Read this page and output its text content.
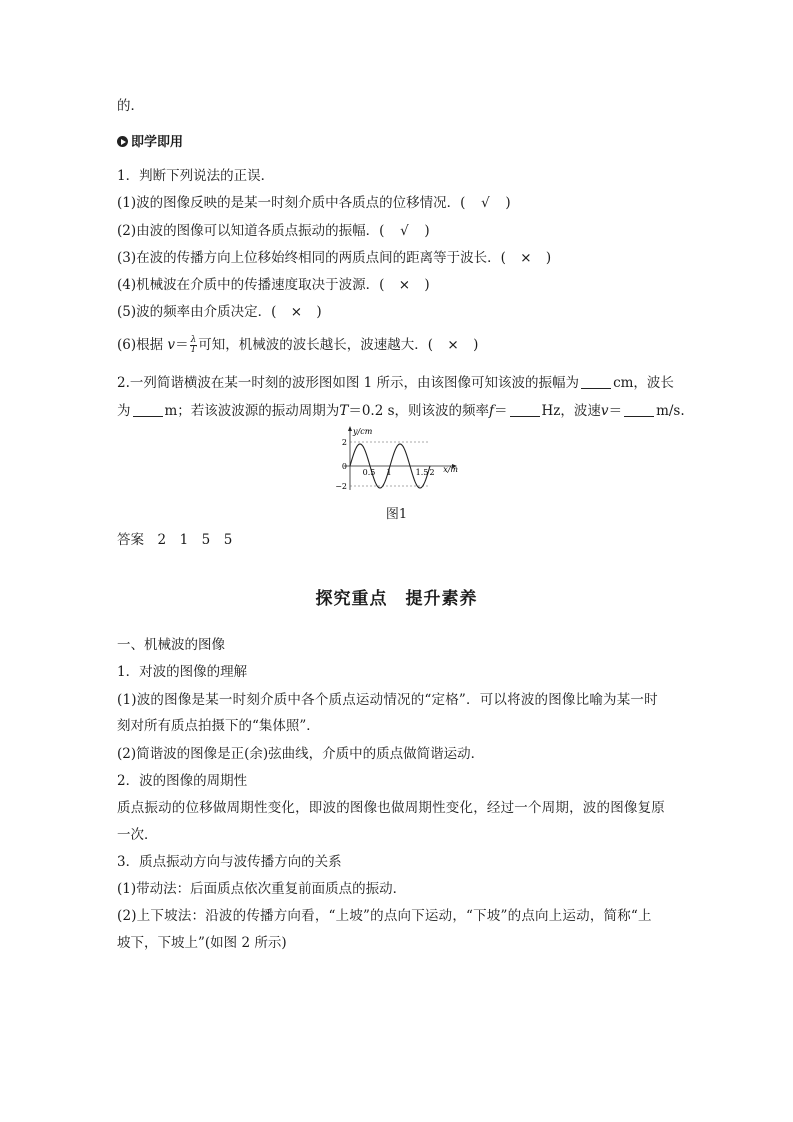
的．
即学即用
1．判断下列说法的正误．
(1)波的图像反映的是某一时刻介质中各质点的位移情况．( √ )
(2)由波的图像可以知道各质点振动的振幅．( √ )
(3)在波的传播方向上位移始终相同的两质点间的距离等于波长．( × )
(4)机械波在介质中的传播速度取决于波源．( × )
(5)波的频率由介质决定．( × )
(6)根据 $v= \frac{\lambda}{T}$ 可知，机械波的波长越长，波速越大．( × )
2.一列简谐横波在某一时刻的波形图如图 1 所示，由该图像可知该波的振幅为	cm，波长
为	m；若该波波源的振动周期为T＝0.2 s，则该波的频率f＝	Hz，波速v＝	m/s.
y/cm
x/m
2
0
−2
0.5 1	1.5 2
图1
答案　2　1　5　5
探究重点　提升素养
一、机械波的图像
1．对波的图像的理解
(1)波的图像是某一时刻介质中各个质点运动情况的“定格”．可以将波的图像比喻为某一时
刻对所有质点拍摄下的“集体照”．
(2)简谐波的图像是正(余)弦曲线，介质中的质点做简谐运动．
2．波的图像的周期性
质点振动的位移做周期性变化，即波的图像也做周期性变化，经过一个周期，波的图像复原
一次．
3．质点振动方向与波传播方向的关系
(1)带动法：后面质点依次重复前面质点的振动．
(2)上下坡法：沿波的传播方向看，“上坡”的点向下运动，“下坡”的点向上运动，简称“上
坡下，下坡上”(如图 2 所示)
